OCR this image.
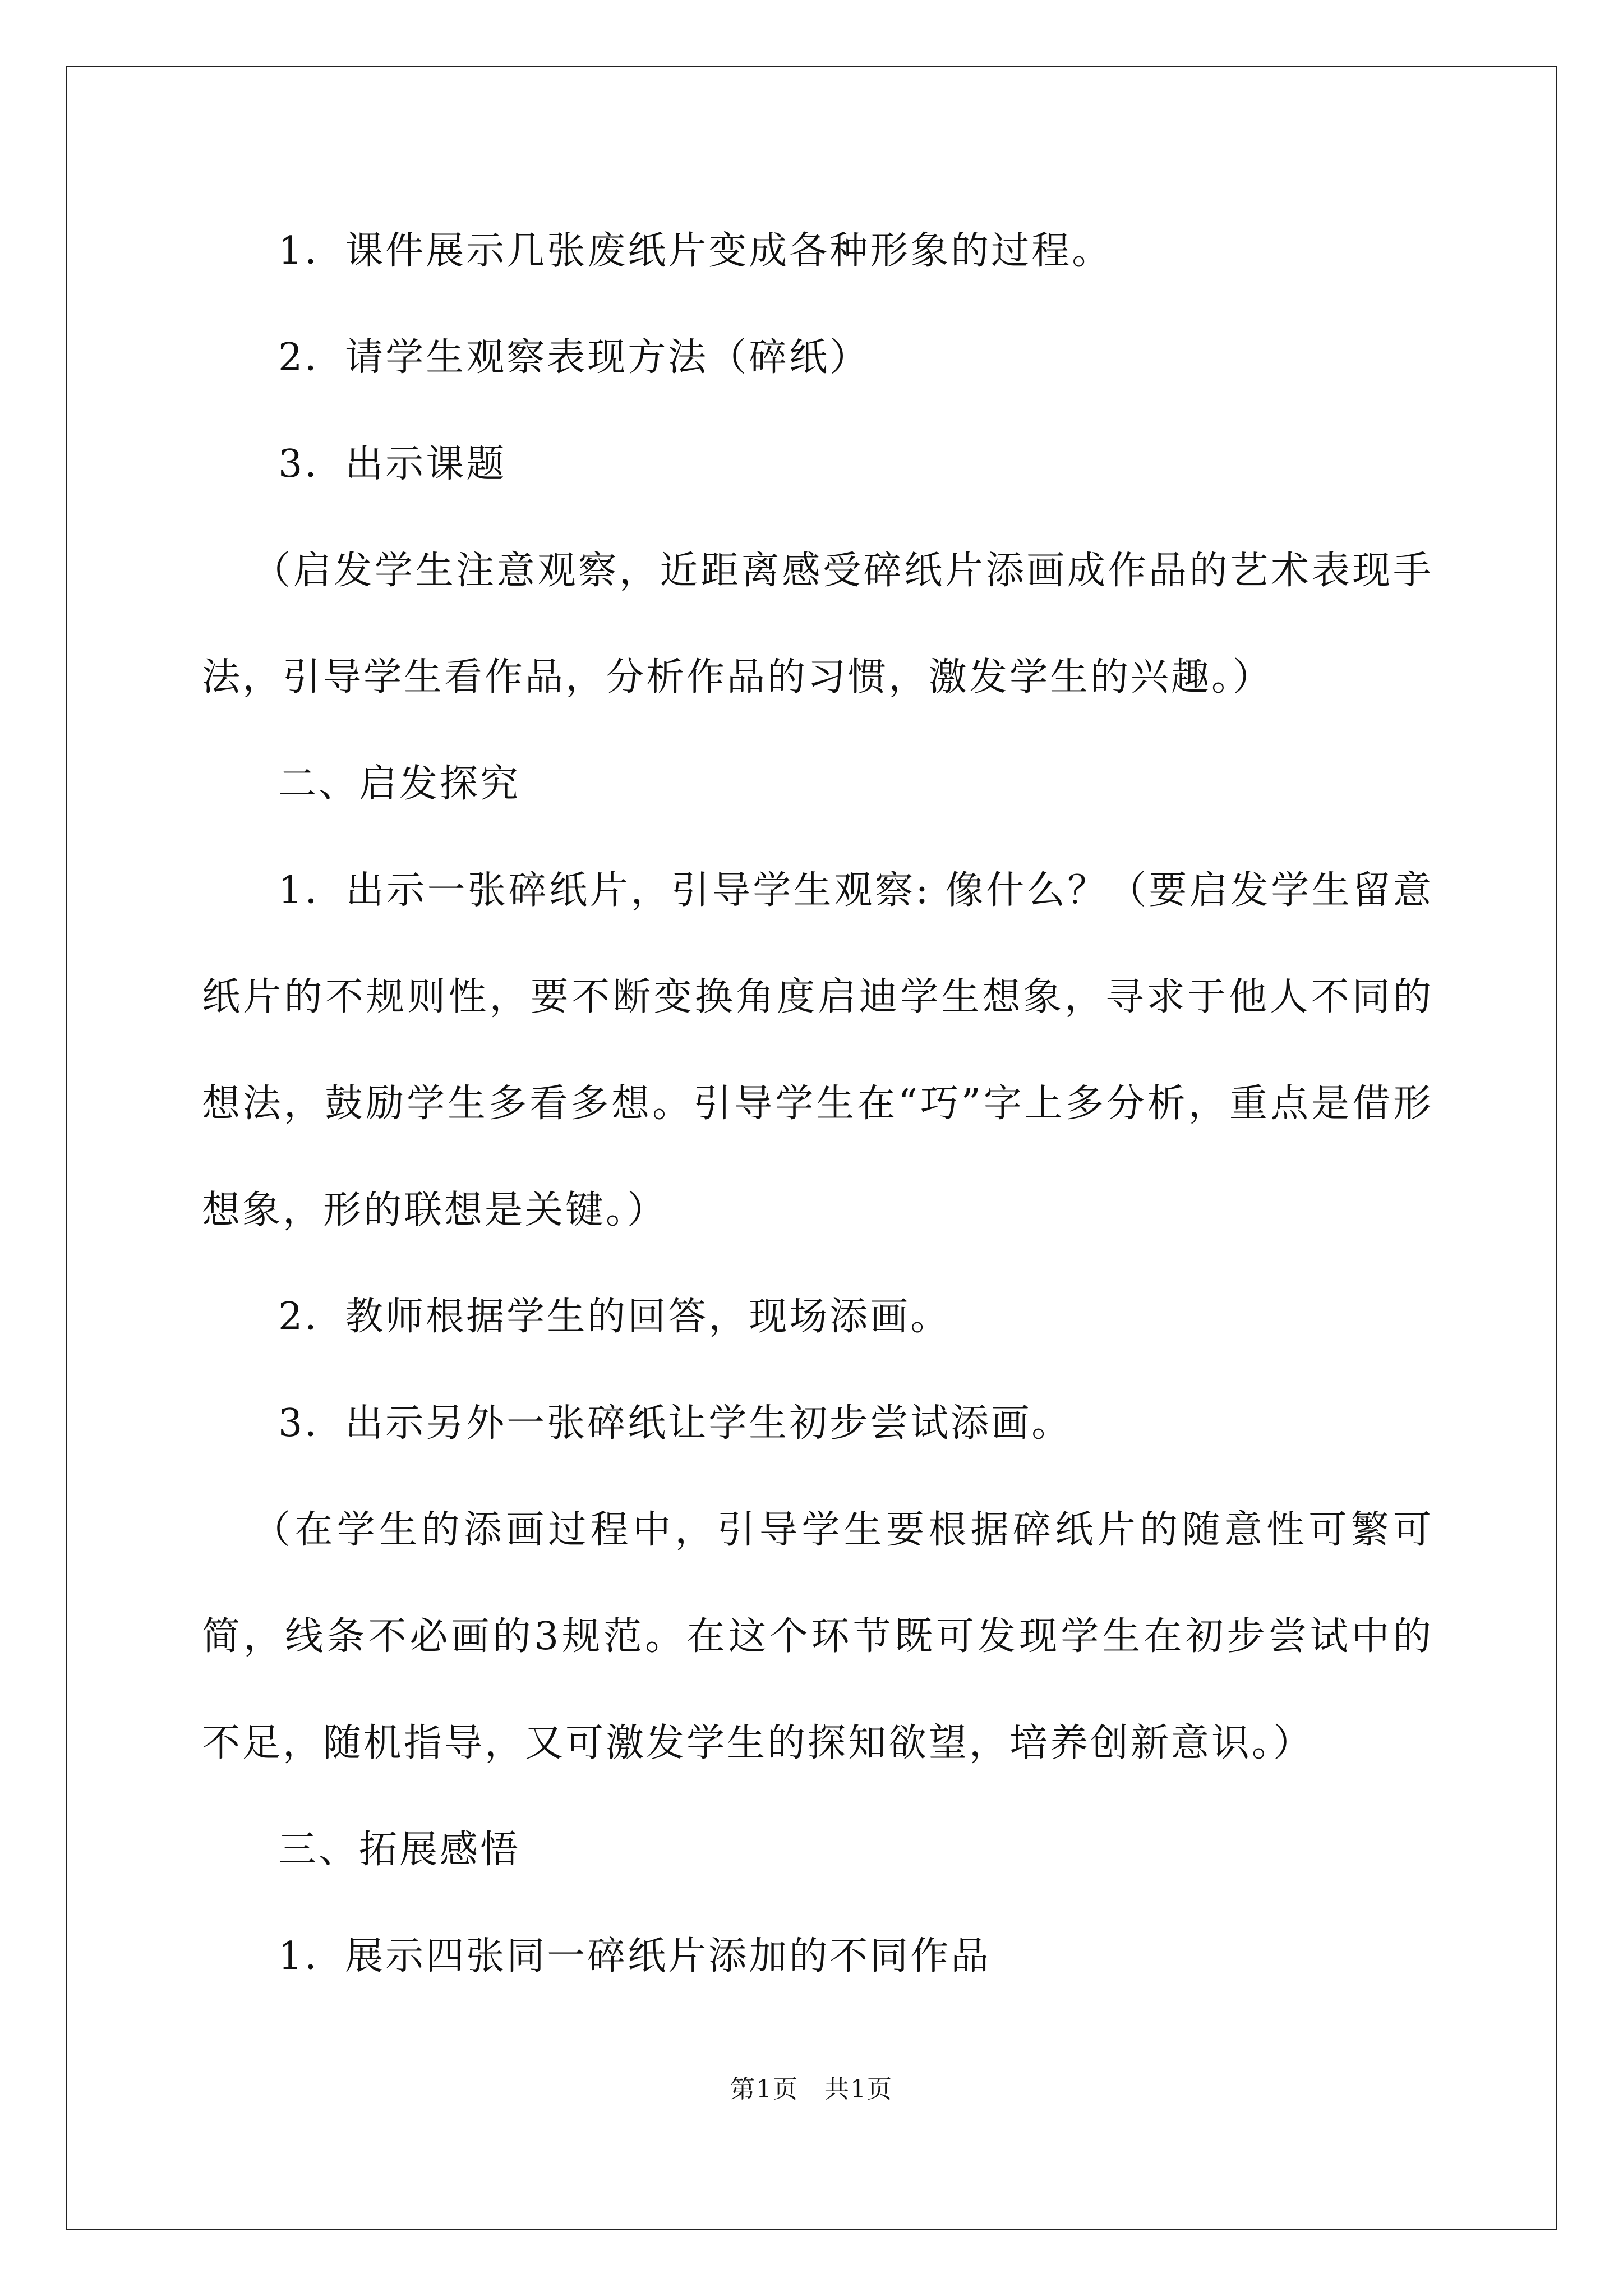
1．课件展示几张废纸片变成各种形象的过程。

2．请学生观察表现方法（碎纸）

3．出示课题

（启发学生注意观察，近距离感受碎纸片添画成作品的艺术表现手法，引导学生看作品，分析作品的习惯，激发学生的兴趣。）

二、启发探究

1．出示一张碎纸片，引导学生观察: 像什么？（要启发学生留意纸片的不规则性，要不断变换角度启迪学生想象，寻求于他人不同的想法，鼓励学生多看多想。引导学生在“巧”字上多分析，重点是借形想象，形的联想是关键。）

2．教师根据学生的回答，现场添画。

3．出示另外一张碎纸让学生初步尝试添画。

（在学生的添画过程中，引导学生要根据碎纸片的随意性可繁可简，线条不必画的3规范。在这个环节既可发现学生在初步尝试中的不足，随机指导，又可激发学生的探知欲望，培养创新意识。）

三、拓展感悟

1．展示四张同一碎纸片添加的不同作品

第1页　共1页
